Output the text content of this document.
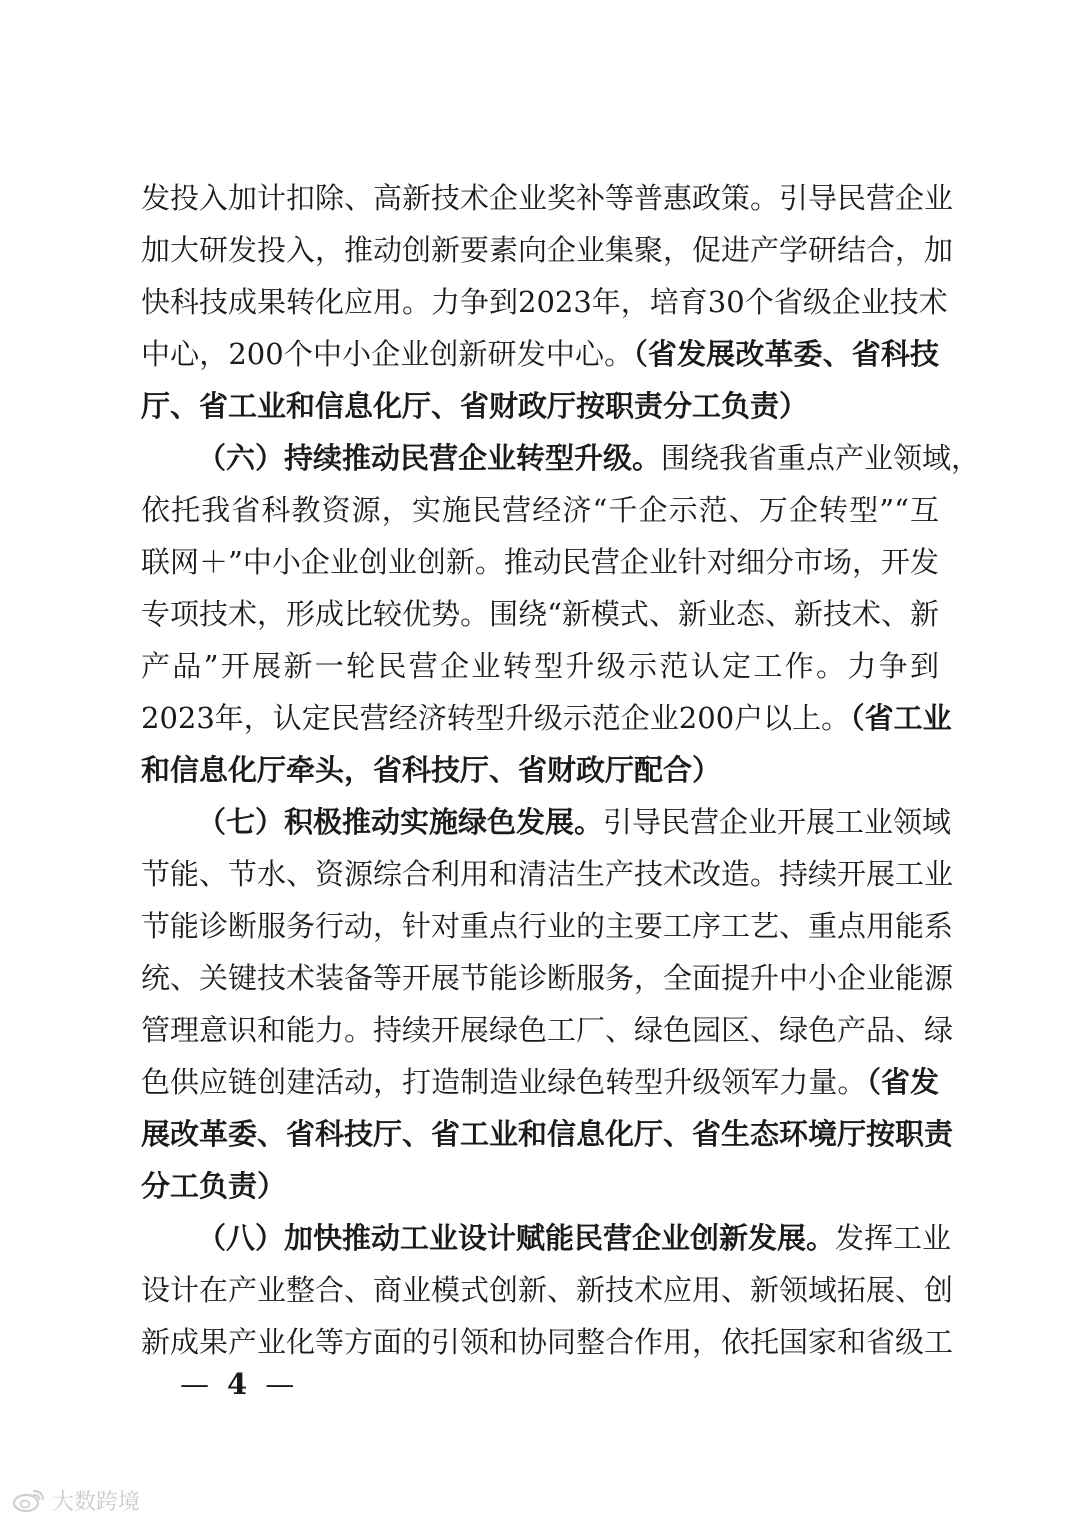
发投入加计扣除、高新技术企业奖补等普惠政策。引导民营企业
加大研发投入，推动创新要素向企业集聚，促进产学研结合，加
快科技成果转化应用。力争到2023年，培育30个省级企业技术
中心，200个中小企业创新研发中心。（省发展改革委、省科技
厅、省工业和信息化厅、省财政厅按职责分工负责）
（六）持续推动民营企业转型升级。围绕我省重点产业领域，
依托我省科教资源，实施民营经济“千企示范、万企转型”“互
联网＋”中小企业创业创新。推动民营企业针对细分市场，开发
专项技术，形成比较优势。围绕“新模式、新业态、新技术、新
产品”开展新一轮民营企业转型升级示范认定工作。力争到
2023年，认定民营经济转型升级示范企业200户以上。（省工业
和信息化厅牵头，省科技厅、省财政厅配合）
（七）积极推动实施绿色发展。引导民营企业开展工业领域
节能、节水、资源综合利用和清洁生产技术改造。持续开展工业
节能诊断服务行动，针对重点行业的主要工序工艺、重点用能系
统、关键技术装备等开展节能诊断服务，全面提升中小企业能源
管理意识和能力。持续开展绿色工厂、绿色园区、绿色产品、绿
色供应链创建活动，打造制造业绿色转型升级领军力量。（省发
展改革委、省科技厅、省工业和信息化厅、省生态环境厅按职责
分工负责）
（八）加快推动工业设计赋能民营企业创新发展。发挥工业
设计在产业整合、商业模式创新、新技术应用、新领域拓展、创
新成果产业化等方面的引领和协同整合作用，依托国家和省级工
— 4 —
大数跨境
